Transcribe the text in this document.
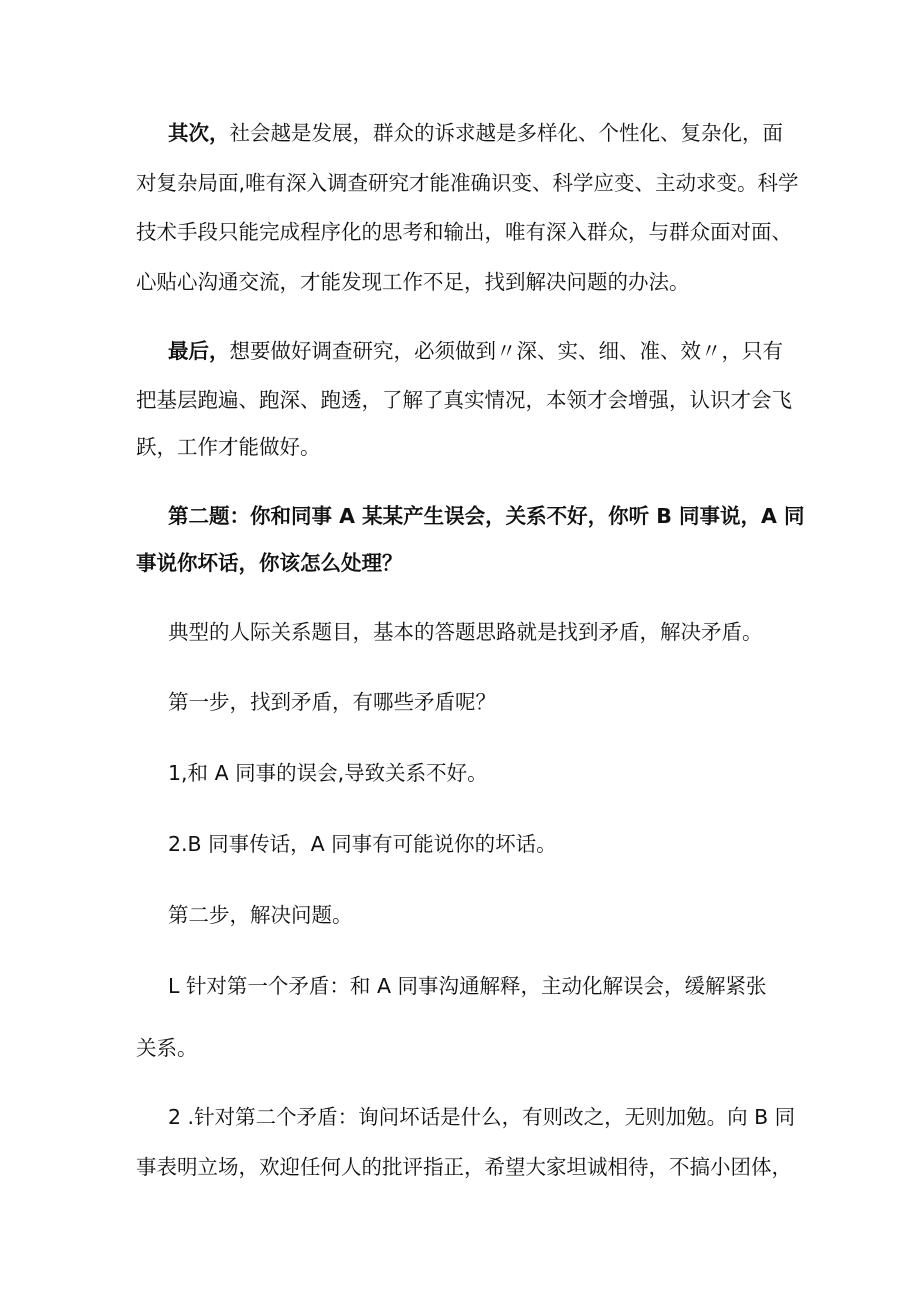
其次，社会越是发展，群众的诉求越是多样化、个性化、复杂化，面
对复杂局面,唯有深入调查研究才能准确识变、科学应变、主动求变。科学
技术手段只能完成程序化的思考和输出，唯有深入群众，与群众面对面、
心贴心沟通交流，才能发现工作不足，找到解决问题的办法。
最后，想要做好调查研究，必须做到〃深、实、细、准、效〃，只有
把基层跑遍、跑深、跑透，了解了真实情况，本领才会增强，认识才会飞
跃，工作才能做好。
第二题：你和同事 A 某某产生误会，关系不好，你听 B 同事说，A 同
事说你坏话，你该怎么处理？
典型的人际关系题目，基本的答题思路就是找到矛盾，解决矛盾。
第一步，找到矛盾，有哪些矛盾呢？
1,和 A 同事的误会,导致关系不好。
2.B 同事传话，A 同事有可能说你的坏话。
第二步，解决问题。
L 针对第一个矛盾：和 A 同事沟通解释，主动化解误会，缓解紧张
关系。
2 .针对第二个矛盾：询问坏话是什么，有则改之，无则加勉。向 B 同
事表明立场，欢迎任何人的批评指正，希望大家坦诚相待，不搞小团体，
